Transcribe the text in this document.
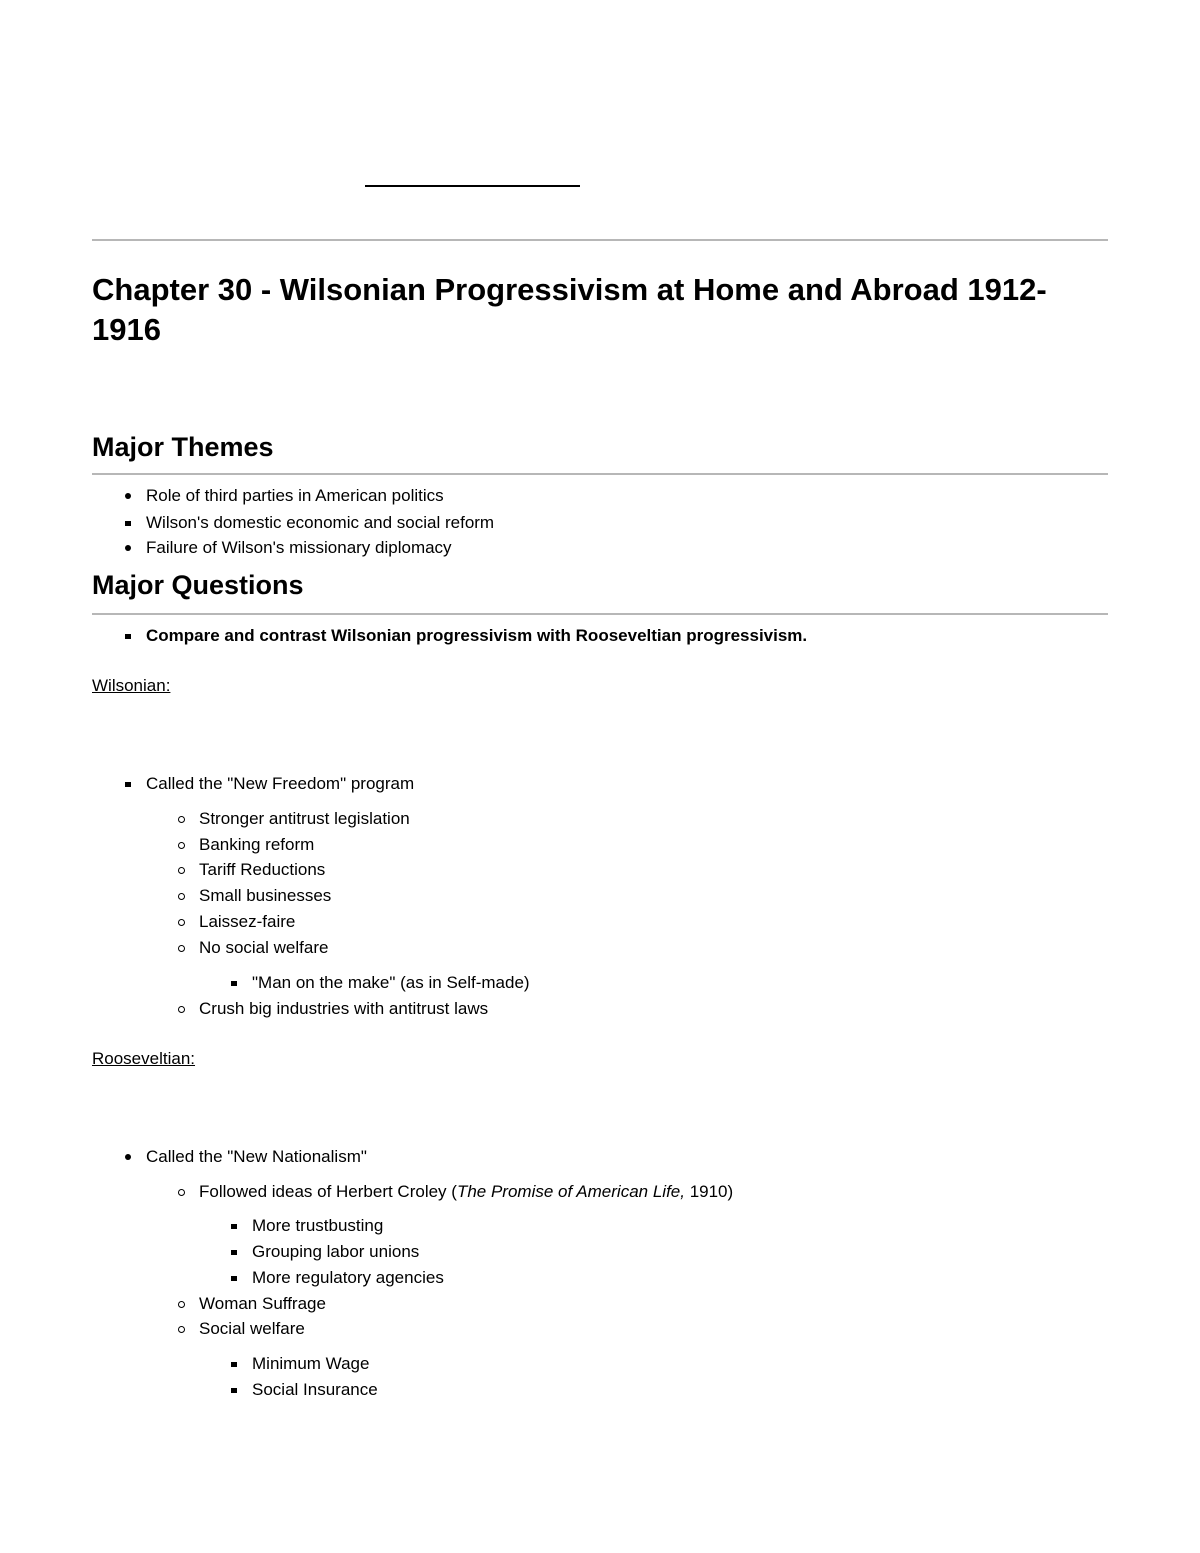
Chapter 30 - Wilsonian Progressivism at Home and Abroad 1912-1916
Major Themes
Role of third parties in American politics
Wilson's domestic economic and social reform
Failure of Wilson's missionary diplomacy
Major Questions
Compare and contrast Wilsonian progressivism with Rooseveltian progressivism.
Wilsonian:
Called the "New Freedom" program
Stronger antitrust legislation
Banking reform
Tariff Reductions
Small businesses
Laissez-faire
No social welfare
"Man on the make" (as in Self-made)
Crush big industries with antitrust laws
Rooseveltian:
Called the "New Nationalism"
Followed ideas of Herbert Croley (The Promise of American Life, 1910)
More trustbusting
Grouping labor unions
More regulatory agencies
Woman Suffrage
Social welfare
Minimum Wage
Social Insurance
